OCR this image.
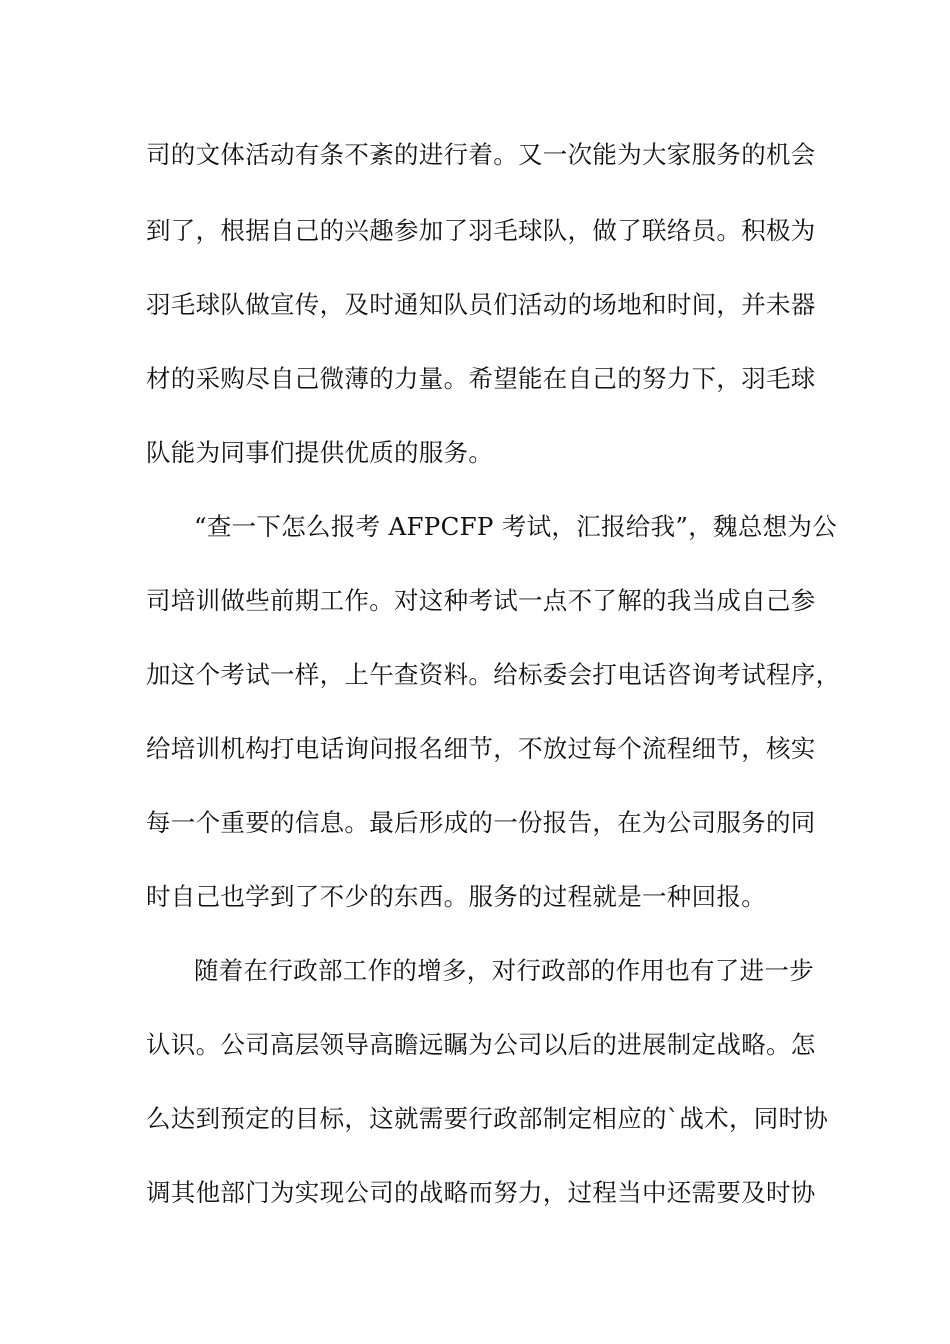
司的文体活动有条不紊的进行着。又一次能为大家服务的机会
到了，根据自己的兴趣参加了羽毛球队，做了联络员。积极为
羽毛球队做宣传，及时通知队员们活动的场地和时间，并未器
材的采购尽自己微薄的力量。希望能在自己的努力下，羽毛球
队能为同事们提供优质的服务。
“查一下怎么报考 AFPCFP 考试，汇报给我”，魏总想为公
司培训做些前期工作。对这种考试一点不了解的我当成自己参
加这个考试一样，上午查资料。给标委会打电话咨询考试程序，
给培训机构打电话询问报名细节，不放过每个流程细节，核实
每一个重要的信息。最后形成的一份报告，在为公司服务的同
时自己也学到了不少的东西。服务的过程就是一种回报。
随着在行政部工作的增多，对行政部的作用也有了进一步
认识。公司高层领导高瞻远瞩为公司以后的进展制定战略。怎
么达到预定的目标，这就需要行政部制定相应的`战术，同时协
调其他部门为实现公司的战略而努力，过程当中还需要及时协
